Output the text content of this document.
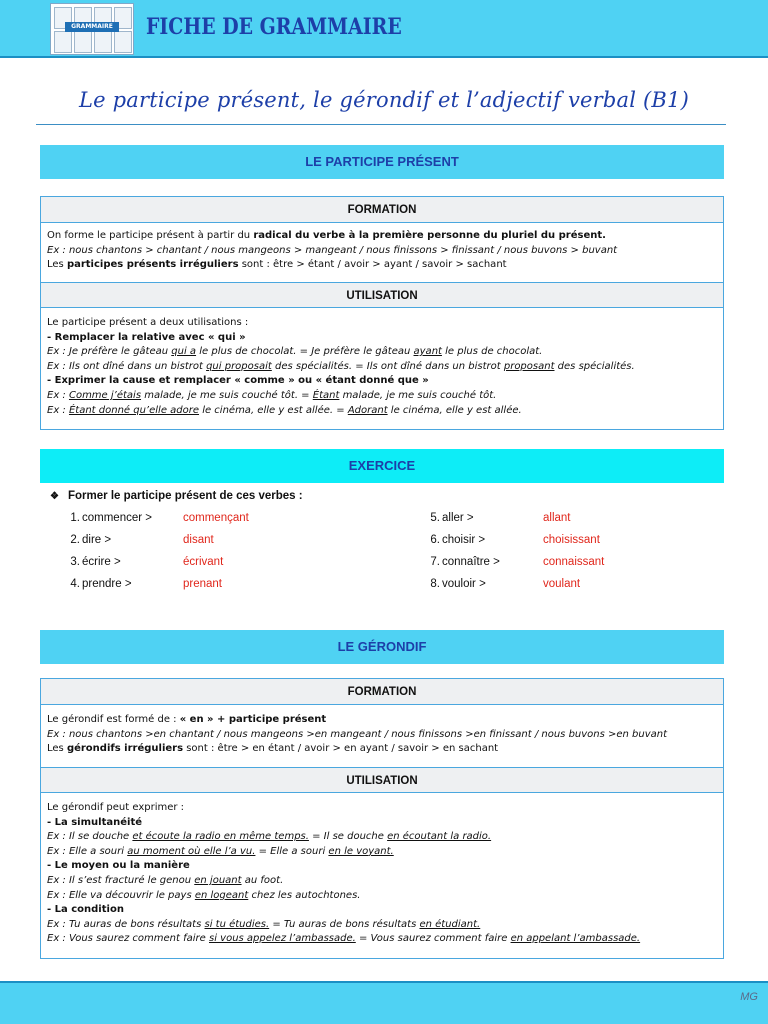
GRAMMAIRE FICHE DE GRAMMAIRE
Le participe présent, le gérondif et l’adjectif verbal (B1)
LE PARTICIPE PRÉSENT
FORMATION
On forme le participe présent à partir du radical du verbe à la première personne du pluriel du présent.
Ex : nous chantons > chantant / nous mangeons > mangeant / nous finissons > finissant / nous buvons > buvant
Les participes présents irréguliers sont : être > étant / avoir > ayant / savoir > sachant
UTILISATION
Le participe présent a deux utilisations :
- Remplacer la relative avec « qui »
Ex : Je préfère le gâteau qui a le plus de chocolat. = Je préfère le gâteau ayant le plus de chocolat.
Ex : Ils ont dîné dans un bistrot qui proposait des spécialités. = Ils ont dîné dans un bistrot proposant des spécialités.
- Exprimer la cause et remplacer « comme » ou « étant donné que »
Ex : Comme j’étais malade, je me suis couché tôt. = Étant malade, je me suis couché tôt.
Ex : Étant donné qu’elle adore le cinéma, elle y est allée. = Adorant le cinéma, elle y est allée.
EXERCICE
❖ Former le participe présent de ces verbes :
1. commencer >	commençant
2. dire >	disant
3. écrire >	écrivant
4. prendre >	prenant
5. aller >	allant
6. choisir >	choisissant
7. connaître >	connaissant
8. vouloir >	voulant
LE GÉRONDIF
FORMATION
Le gérondif est formé de : « en » + participe présent
Ex : nous chantons >en chantant / nous mangeons >en mangeant / nous finissons >en finissant / nous buvons >en buvant
Les gérondifs irréguliers sont : être > en étant / avoir > en ayant / savoir > en sachant
UTILISATION
Le gérondif peut exprimer :
- La simultanéité
Ex : Il se douche et écoute la radio en même temps. = Il se douche en écoutant la radio.
Ex : Elle a souri au moment où elle l’a vu. = Elle a souri en le voyant.
- Le moyen ou la manière
Ex : Il s’est fracturé le genou en jouant au foot.
Ex : Elle va découvrir le pays en logeant chez les autochtones.
- La condition
Ex : Tu auras de bons résultats si tu étudies. = Tu auras de bons résultats en étudiant.
Ex : Vous saurez comment faire si vous appelez l’ambassade. = Vous saurez comment faire en appelant l’ambassade.
MG
